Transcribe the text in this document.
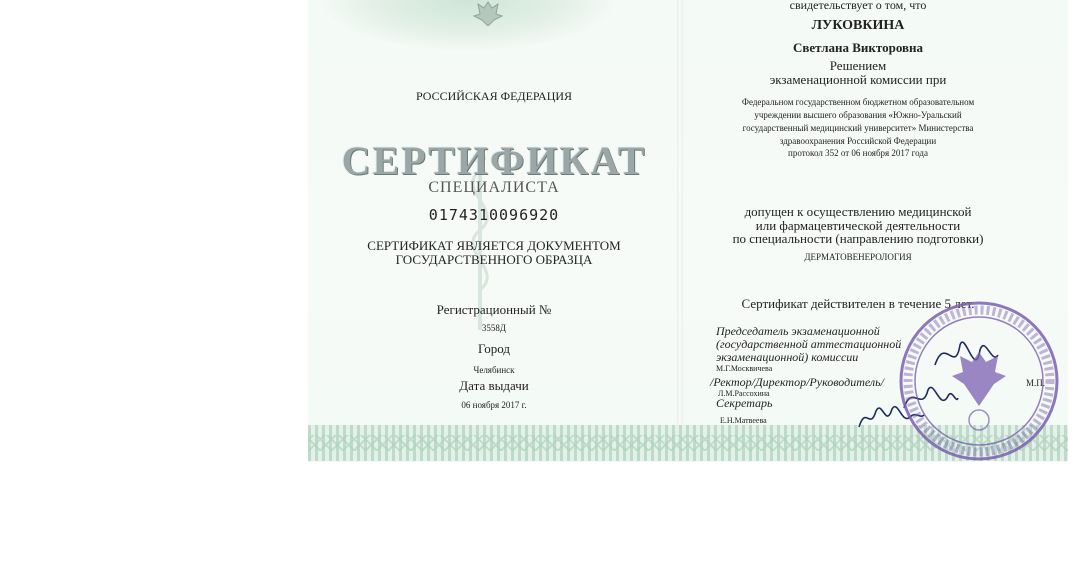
РОССИЙСКАЯ ФЕДЕРАЦИЯ
СЕРТИФИКАТ
СПЕЦИАЛИСТА
0174310096920
СЕРТИФИКАТ ЯВЛЯЕТСЯ ДОКУМЕНТОМ
ГОСУДАРСТВЕННОГО ОБРАЗЦА
Регистрационный №
3558Д
Город
Челябинск
Дата выдачи
06 ноября 2017 г.
свидетельствует о том, что
ЛУКОВКИНА
Светлана Викторовна
Решением
экзаменационной комиссии при
Федеральном государственном бюджетном образовательном
учреждении высшего образования «Южно-Уральский
государственный медицинский университет» Министерства
здравоохранения Российской Федерации
протокол 352 от 06 ноября 2017 года
допущен к осуществлению медицинской
или фармацевтической деятельности
по специальности (направлению подготовки)
ДЕРМАТОВЕНЕРОЛОГИЯ
Сертификат действителен в течение 5 лет.
Председатель экзаменационной
(государственной аттестационной
экзаменационной) комиссии
М.Г.Москвичева
/Ректор/Директор/Руководитель/
Л.М.Рассохина
Секретарь
Е.Н.Матвеева
М.П.
